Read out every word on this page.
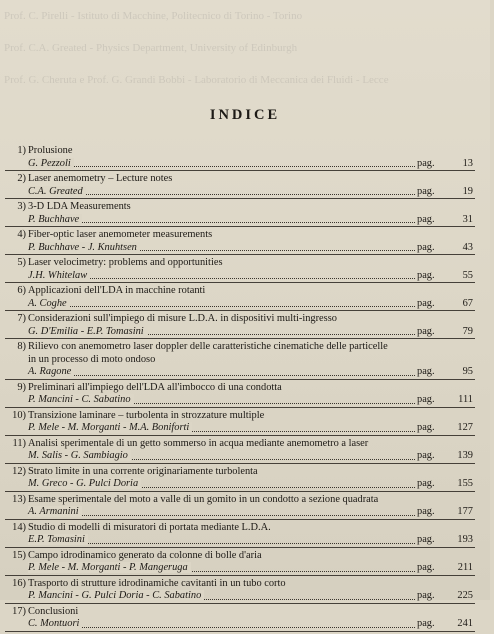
Prof. C. Pirelli - Istituto di Macchine, Politecnico di Torino - Torino
Prof. C.A. Greated - Physics Department, University of Edinburgh
Prof. G. Cheruta e Prof. G. Grandi Bobbi - Laboratorio di Meccanica dei Fluidi - Lecce
INDICE
1) Prolusione
G. Pezzoli	pag.	13
2) Laser anemometry – Lecture notes
C.A. Greated	pag.	19
3) 3-D LDA Measurements
P. Buchhave	pag.	31
4) Fiber-optic laser anemometer measurements
P. Buchhave - J. Knuhtsen	pag.	43
5) Laser velocimetry: problems and opportunities
J.H. Whitelaw	pag.	55
6) Applicazioni dell'LDA in macchine rotanti
A. Coghe	pag.	67
7) Considerazioni sull'impiego di misure L.D.A. in dispositivi multi-ingresso
G. D'Emilia - E.P. Tomasini	pag.	79
8) Rilievo con anemometro laser doppler delle caratteristiche cinematiche delle particelle
in un processo di moto ondoso
A. Ragone	pag.	95
9) Preliminari all'impiego dell'LDA all'imbocco di una condotta
P. Mancini - C. Sabatino	pag. 111
10) Transizione laminare – turbolenta in strozzature multiple
P. Mele - M. Morganti - M.A. Boniforti	pag. 127
11) Analisi sperimentale di un getto sommerso in acqua mediante anemometro a laser
M. Salis - G. Sambiagio	pag. 139
12) Strato limite in una corrente originariamente turbolenta
M. Greco - G. Pulci Doria	pag. 155
13) Esame sperimentale del moto a valle di un gomito in un condotto a sezione quadrata
A. Armanini	pag. 177
14) Studio di modelli di misuratori di portata mediante L.D.A.
E.P. Tomasini	pag. 193
15) Campo idrodinamico generato da colonne di bolle d'aria
P. Mele - M. Morganti - P. Mangeruga	pag. 211
16) Trasporto di strutture idrodinamiche cavitanti in un tubo corto
P. Mancini - G. Pulci Doria - C. Sabatino	pag. 225
17) Conclusioni
C. Montuori	pag. 241
